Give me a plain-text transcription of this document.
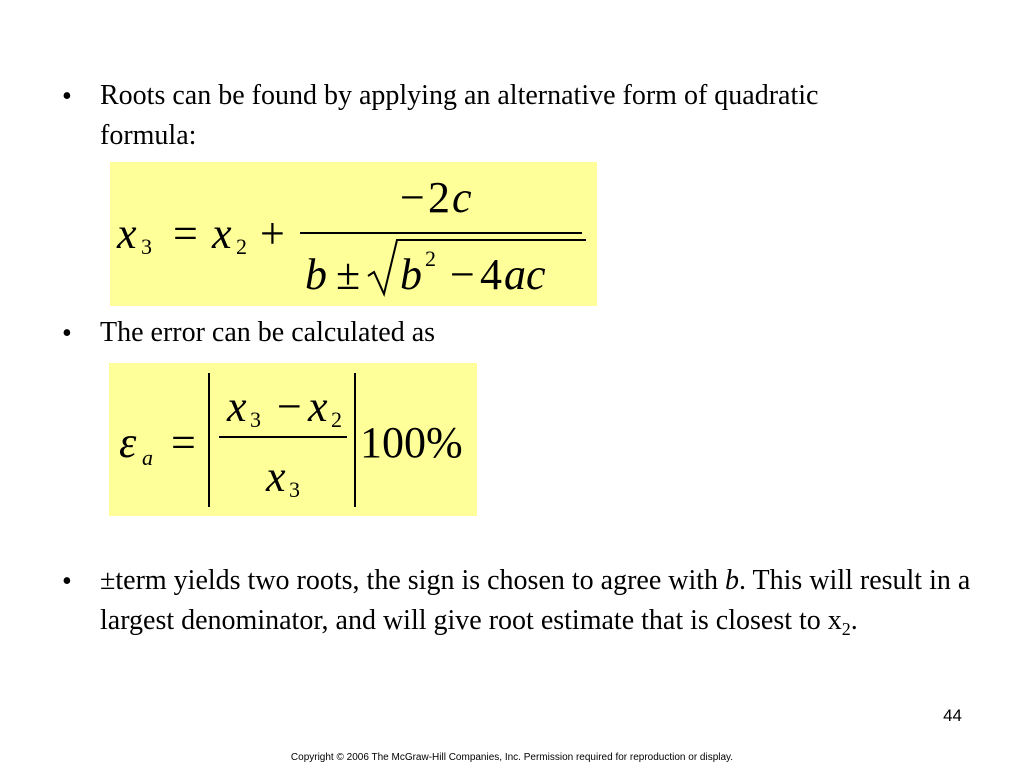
• Roots can be found by applying an alternative form of quadratic formula:
x 3 = x 2 +
− 2 c
b ± b 2 − 4 ac
• The error can be calculated as
ε a =
x 3 − x 2
x 3
100%
• ±term yields two roots, the sign is chosen to agree with b. This will result in a largest denominator, and will give root estimate that is closest to $x_2$.
44
Copyright © 2006 The McGraw-Hill Companies, Inc. Permission required for reproduction or display.
